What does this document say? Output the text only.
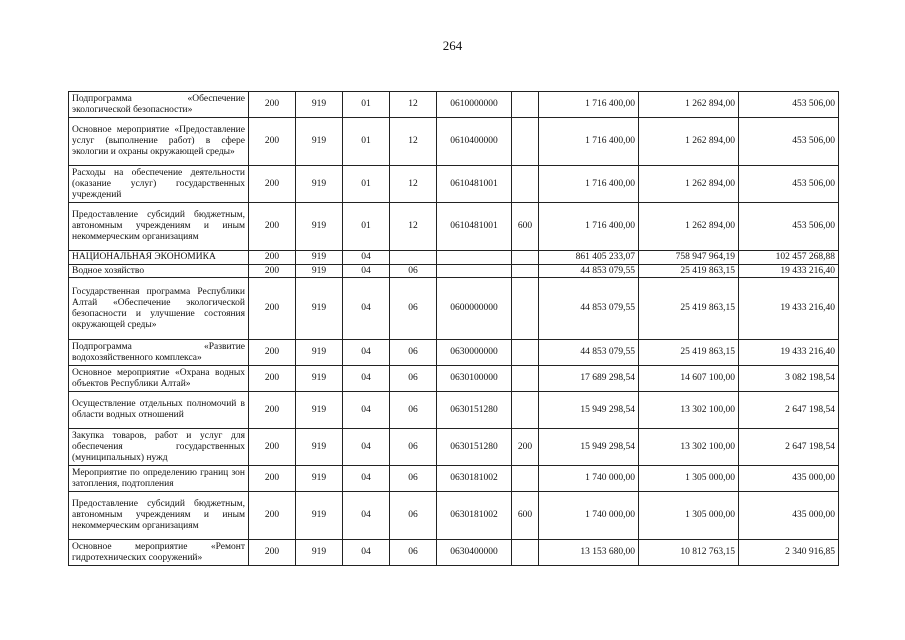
264
Подпрограмма «Обеспечение экологической безопасности»	200	919	01	12	0610000000		1 716 400,00	1 262 894,00	453 506,00
Основное мероприятие «Предоставление услуг (выполнение работ) в сфере экологии и охраны окружающей среды»	200	919	01	12	0610400000		1 716 400,00	1 262 894,00	453 506,00
Расходы на обеспечение деятельности (оказание услуг) государственных учреждений	200	919	01	12	0610481001		1 716 400,00	1 262 894,00	453 506,00
Предоставление субсидий бюджетным, автономным учреждениям и иным некоммерческим организациям	200	919	01	12	0610481001	600	1 716 400,00	1 262 894,00	453 506,00
НАЦИОНАЛЬНАЯ ЭКОНОМИКА	200	919	04				861 405 233,07	758 947 964,19	102 457 268,88
Водное хозяйство	200	919	04	06			44 853 079,55	25 419 863,15	19 433 216,40
Государственная программа Республики Алтай «Обеспечение экологической безопасности и улучшение состояния окружающей среды»	200	919	04	06	0600000000		44 853 079,55	25 419 863,15	19 433 216,40
Подпрограмма «Развитие водохозяйственного комплекса»	200	919	04	06	0630000000		44 853 079,55	25 419 863,15	19 433 216,40
Основное мероприятие «Охрана водных объектов Республики Алтай»	200	919	04	06	0630100000		17 689 298,54	14 607 100,00	3 082 198,54
Осуществление отдельных полномочий в области водных отношений	200	919	04	06	0630151280		15 949 298,54	13 302 100,00	2 647 198,54
Закупка товаров, работ и услуг для обеспечения государственных (муниципальных) нужд	200	919	04	06	0630151280	200	15 949 298,54	13 302 100,00	2 647 198,54
Мероприятие по определению границ зон затопления, подтопления	200	919	04	06	0630181002		1 740 000,00	1 305 000,00	435 000,00
Предоставление субсидий бюджетным, автономным учреждениям и иным некоммерческим организациям	200	919	04	06	0630181002	600	1 740 000,00	1 305 000,00	435 000,00
Основное мероприятие «Ремонт гидротехнических сооружений»	200	919	04	06	0630400000		13 153 680,00	10 812 763,15	2 340 916,85
